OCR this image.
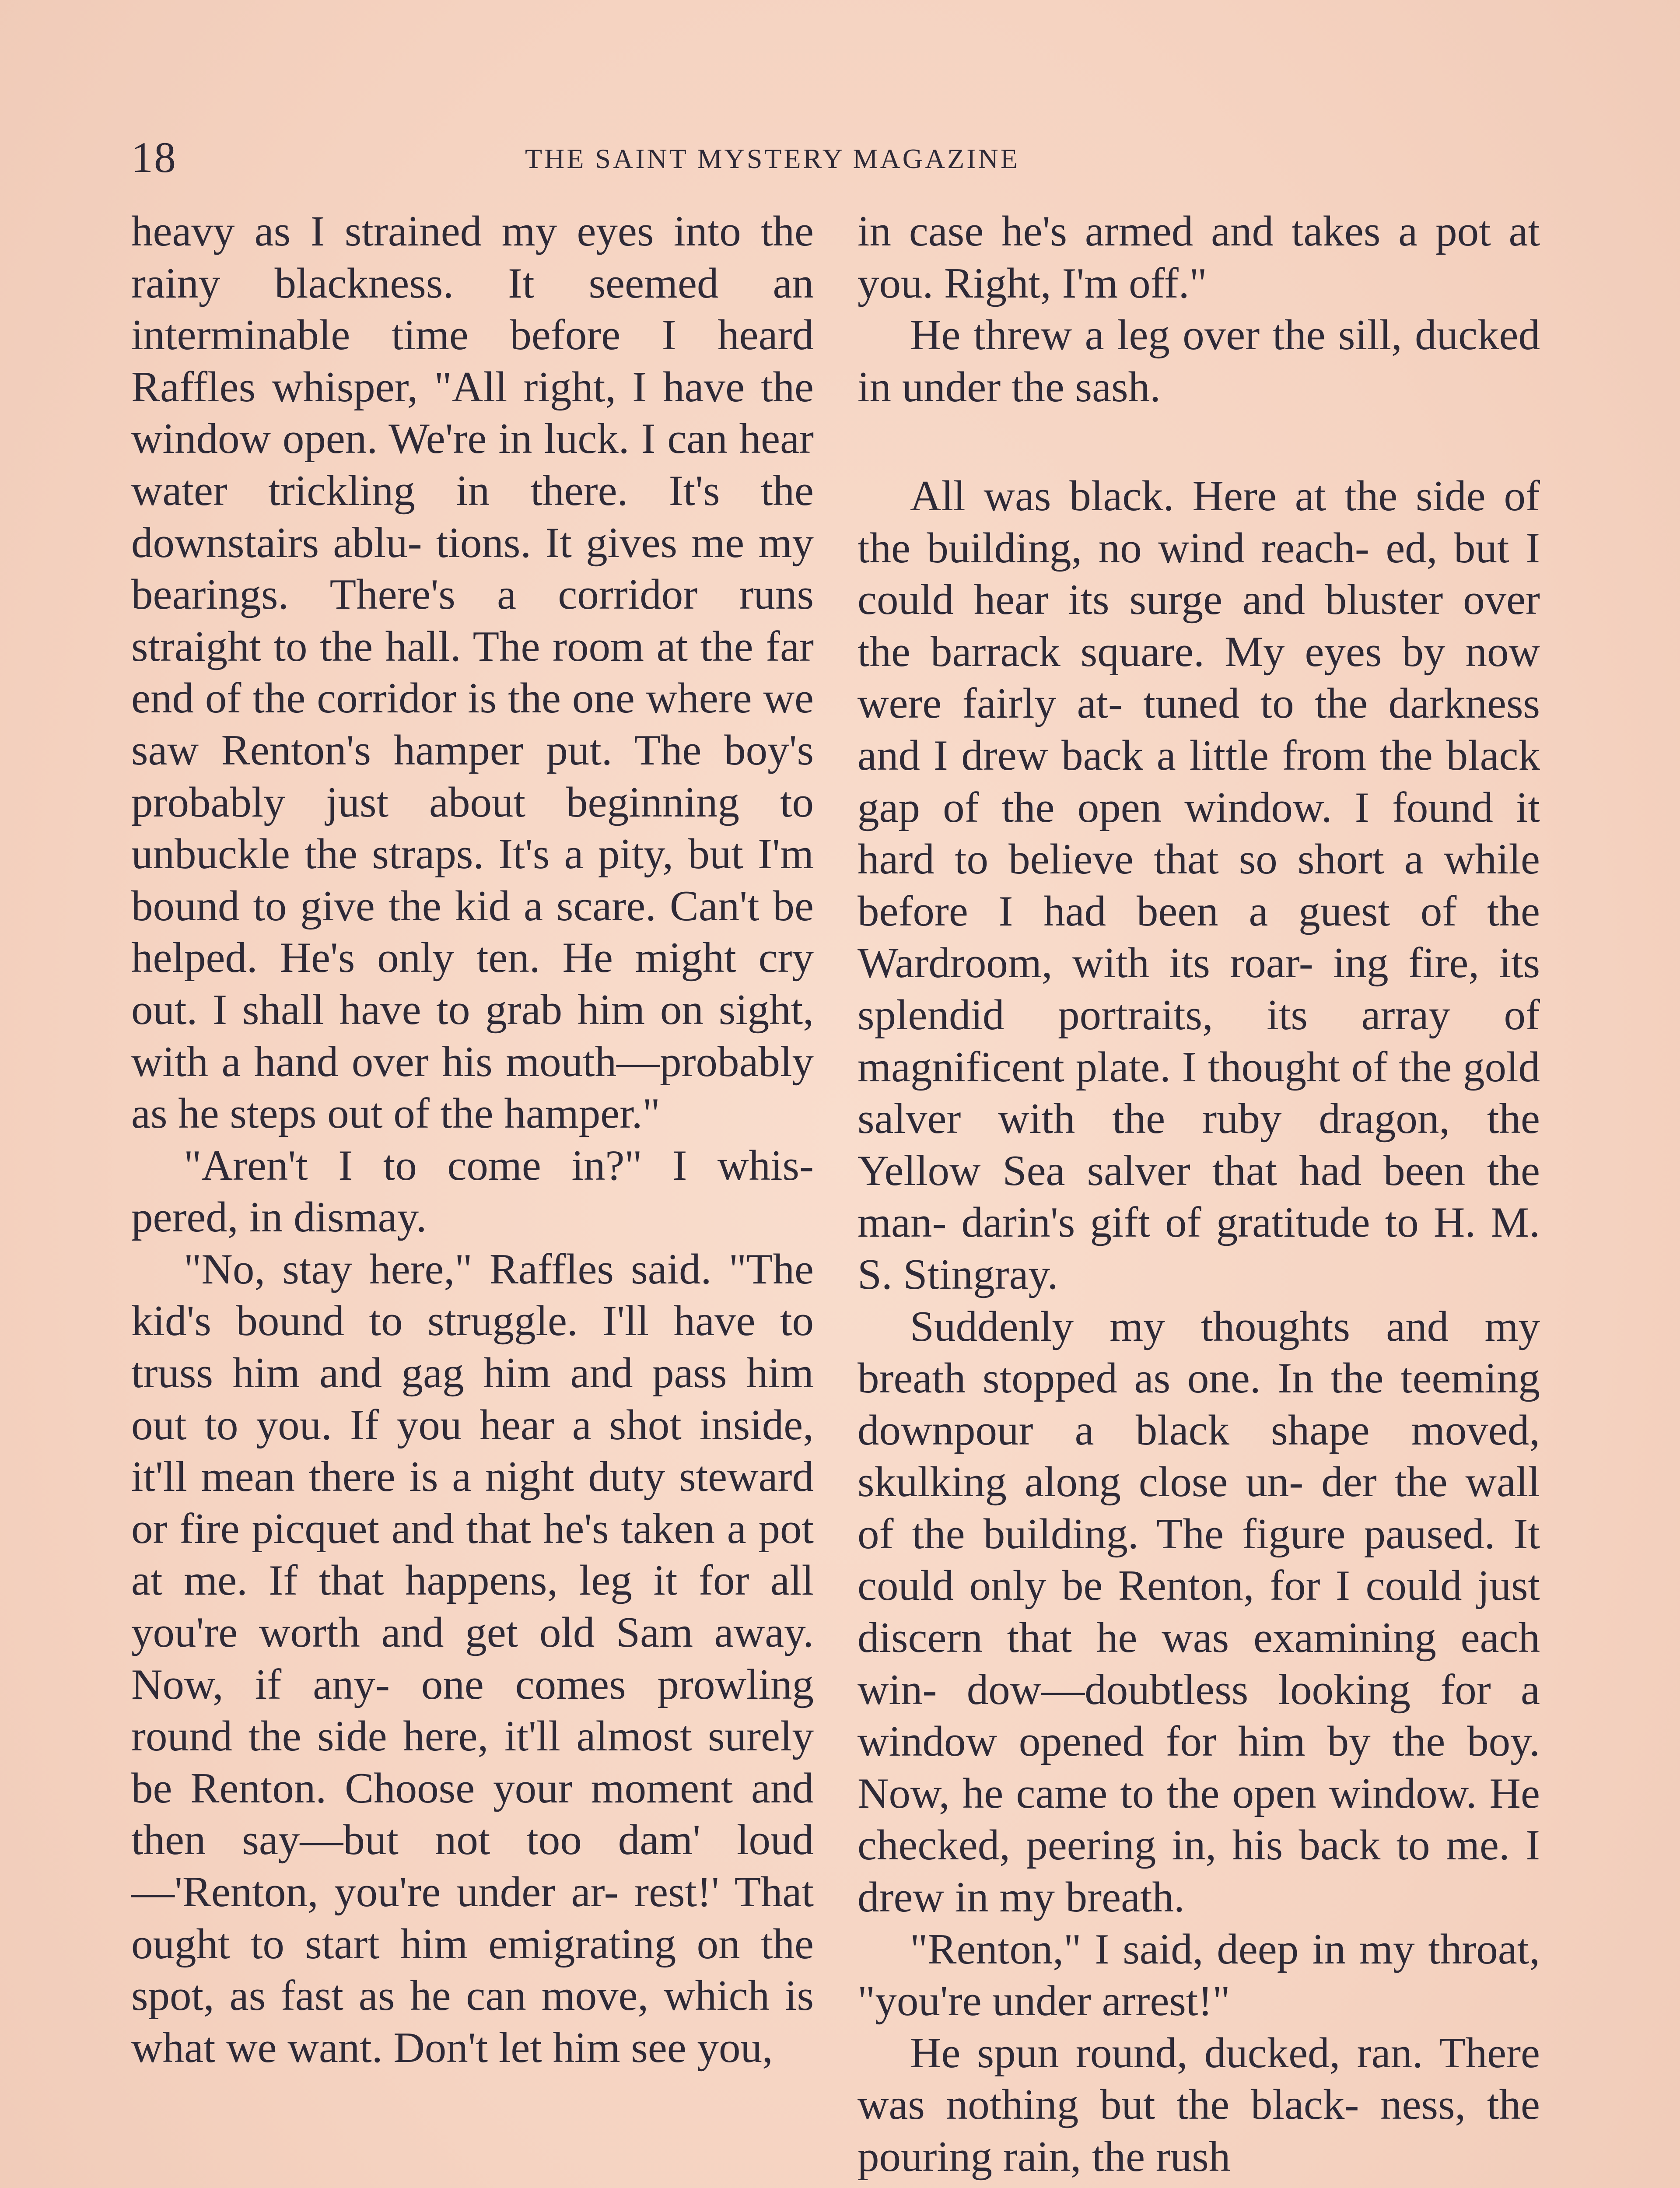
18	THE SAINT MYSTERY MAGAZINE

heavy as I strained my eyes into the rainy blackness. It seemed an interminable time before I heard Raffles whisper, "All right, I have the window open. We're in luck. I can hear water trickling in there. It's the downstairs ablu- tions. It gives me my bearings. There's a corridor runs straight to the hall. The room at the far end of the corridor is the one where we saw Renton's hamper put. The boy's probably just about beginning to unbuckle the straps. It's a pity, but I'm bound to give the kid a scare. Can't be helped. He's only ten. He might cry out. I shall have to grab him on sight, with a hand over his mouth—probably as he steps out of the hamper."

"Aren't I to come in?" I whis- pered, in dismay.

"No, stay here," Raffles said. "The kid's bound to struggle. I'll have to truss him and gag him and pass him out to you. If you hear a shot inside, it'll mean there is a night duty steward or fire picquet and that he's taken a pot at me. If that happens, leg it for all you're worth and get old Sam away. Now, if any- one comes prowling round the side here, it'll almost surely be Renton. Choose your moment and then say—but not too dam' loud—'Renton, you're under ar- rest!' That ought to start him emigrating on the spot, as fast as he can move, which is what we want. Don't let him see you,

in case he's armed and takes a pot at you. Right, I'm off."

He threw a leg over the sill, ducked in under the sash.

All was black. Here at the side of the building, no wind reach- ed, but I could hear its surge and bluster over the barrack square. My eyes by now were fairly at- tuned to the darkness and I drew back a little from the black gap of the open window. I found it hard to believe that so short a while before I had been a guest of the Wardroom, with its roar- ing fire, its splendid portraits, its array of magnificent plate. I thought of the gold salver with the ruby dragon, the Yellow Sea salver that had been the man- darin's gift of gratitude to H. M. S. Stingray.

Suddenly my thoughts and my breath stopped as one. In the teeming downpour a black shape moved, skulking along close un- der the wall of the building. The figure paused. It could only be Renton, for I could just discern that he was examining each win- dow—doubtless looking for a window opened for him by the boy. Now, he came to the open window. He checked, peering in, his back to me. I drew in my breath.

"Renton," I said, deep in my throat, "you're under arrest!"

He spun round, ducked, ran. There was nothing but the black- ness, the pouring rain, the rush
